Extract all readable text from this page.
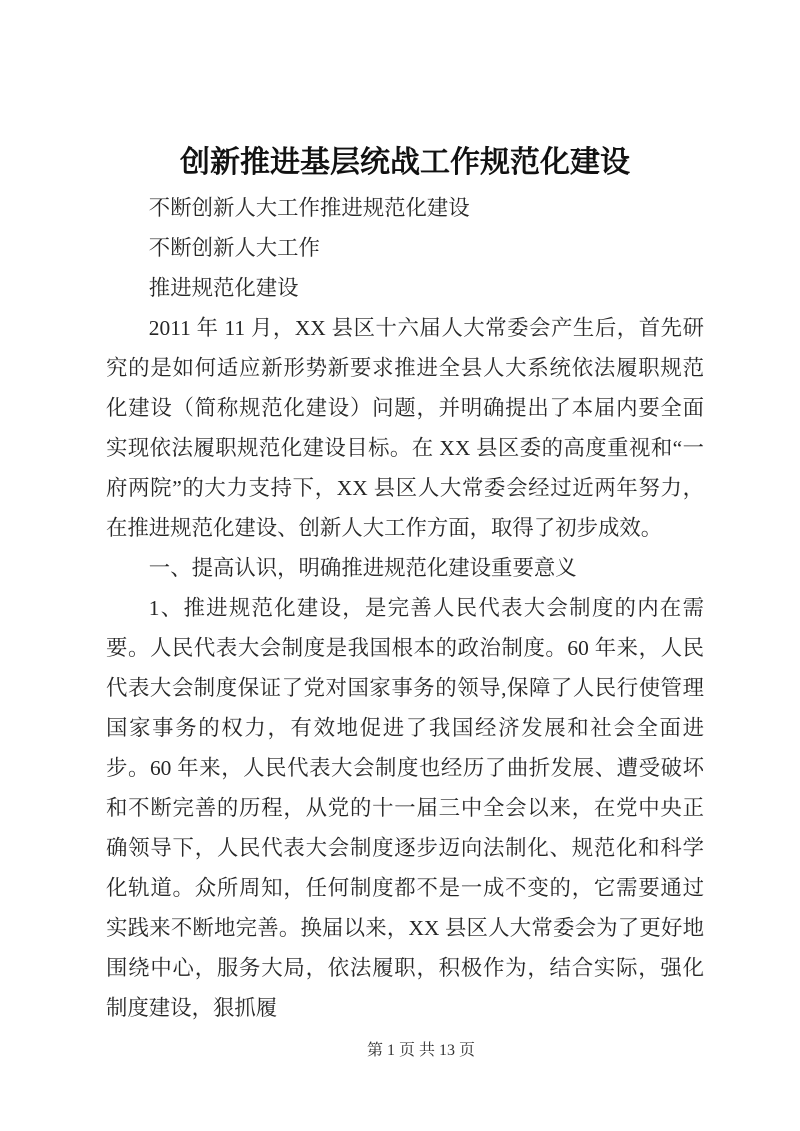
创新推进基层统战工作规范化建设

不断创新人大工作推进规范化建设

不断创新人大工作

推进规范化建设

2011 年 11 月，XX 县区十六届人大常委会产生后，首先研究的是如何适应新形势新要求推进全县人大系统依法履职规范化建设（简称规范化建设）问题，并明确提出了本届内要全面实现依法履职规范化建设目标。在 XX 县区委的高度重视和“一府两院”的大力支持下，XX 县区人大常委会经过近两年努力，在推进规范化建设、创新人大工作方面，取得了初步成效。

一、提高认识，明确推进规范化建设重要意义

1、推进规范化建设，是完善人民代表大会制度的内在需要。人民代表大会制度是我国根本的政治制度。60 年来，人民代表大会制度保证了党对国家事务的领导,保障了人民行使管理国家事务的权力，有效地促进了我国经济发展和社会全面进步。60 年来，人民代表大会制度也经历了曲折发展、遭受破坏和不断完善的历程，从党的十一届三中全会以来，在党中央正确领导下，人民代表大会制度逐步迈向法制化、规范化和科学化轨道。众所周知，任何制度都不是一成不变的，它需要通过实践来不断地完善。换届以来，XX 县区人大常委会为了更好地围绕中心，服务大局，依法履职，积极作为，结合实际，强化制度建设，狠抓履

第 1 页 共 13 页
